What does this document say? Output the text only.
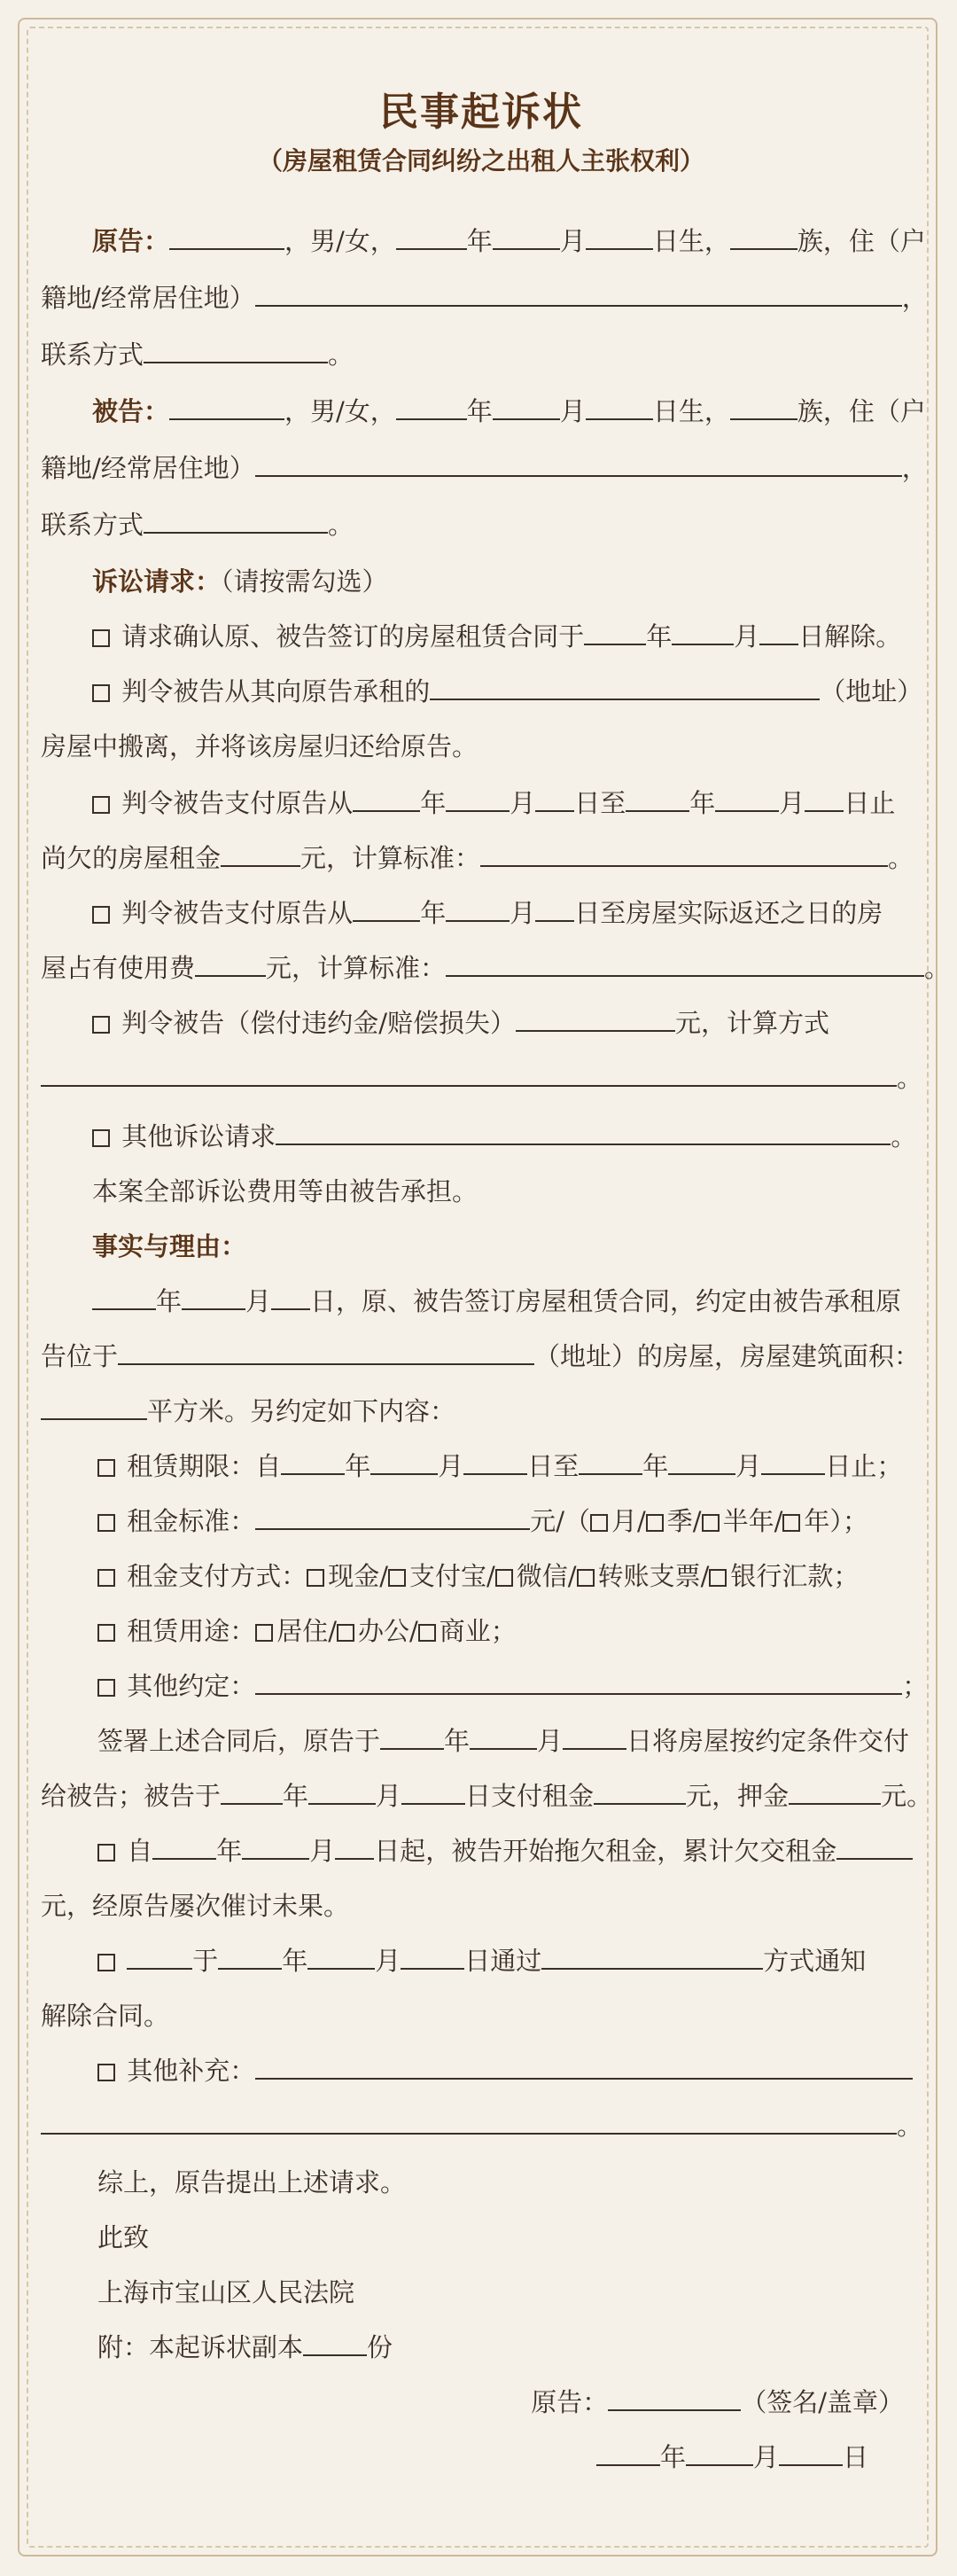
民事起诉状
（房屋租赁合同纠纷之出租人主张权利）
原告：	，男/女，	年	月	日生，	族，住（户
籍地/经常居住地）	，
联系方式	。
被告：	，男/女，	年	月	日生，	族，住（户
籍地/经常居住地）	，
联系方式	。
诉讼请求：（请按需勾选）
请求确认原、被告签订的房屋租赁合同于 年 月 日解除。
判令被告从其向原告承租的	（地址）
房屋中搬离，并将该房屋归还给原告。
判令被告支付原告从	年 月 日至 年 月 日止
尚欠的房屋租金	元，计算标准：	。
判令被告支付原告从	年 月 日至房屋实际返还之日的房
屋占有使用费	元，计算标准：	。
判令被告（偿付违约金/赔偿损失）	元，计算方式
。
其他诉讼请求	。
本案全部诉讼费用等由被告承担。
事实与理由：
年 月 日，原、被告签订房屋租赁合同，约定由被告承租原
告位于	（地址）的房屋，房屋建筑面积：
平方米。另约定如下内容：
租赁期限：自 年	月 日至 年	月 日止；
租金标准：	元/（ 月/ 季/ 半年/ 年）；
租金支付方式： 现金/ 支付宝/ 微信/ 转账支票/ 银行汇款；
租赁用途： 居住/ 办公/ 商业；
其他约定：	；
签署上述合同后，原告于 年	月 日将房屋按约定条件交付
给被告；被告于 年	月 日支付租金	元，押金	元。
自 年	月 日起，被告开始拖欠租金，累计欠交租金
元，经原告屡次催讨未果。
于 年	月 日通过	方式通知
解除合同。
其他补充：
。
综上，原告提出上述请求。
此致
上海市宝山区人民法院
附：本起诉状副本 份
原告：	（签名/盖章）
年	月 日
